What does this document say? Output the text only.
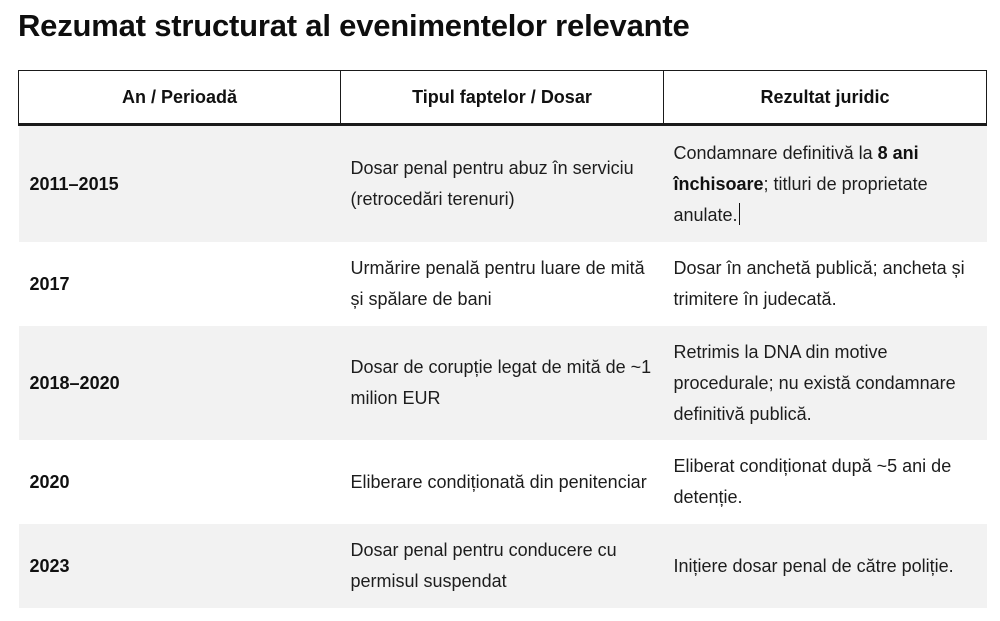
Rezumat structurat al evenimentelor relevante
An / Perioadă	Tipul faptelor / Dosar	Rezultat juridic
2011–2015	Dosar penal pentru abuz în serviciu (retrocedări terenuri)	Condamnare definitivă la 8 ani închisoare; titluri de proprietate anulate.
2017	Urmărire penală pentru luare de mită și spălare de bani	Dosar în anchetă publică; ancheta și trimitere în judecată.
2018–2020	Dosar de corupție legat de mită de ~1 milion EUR	Retrimis la DNA din motive procedurale; nu există condamnare definitivă publică.
2020	Eliberare condiționată din penitenciar	Eliberat condiționat după ~5 ani de detenție.
2023	Dosar penal pentru conducere cu permisul suspendat	Inițiere dosar penal de către poliție.
